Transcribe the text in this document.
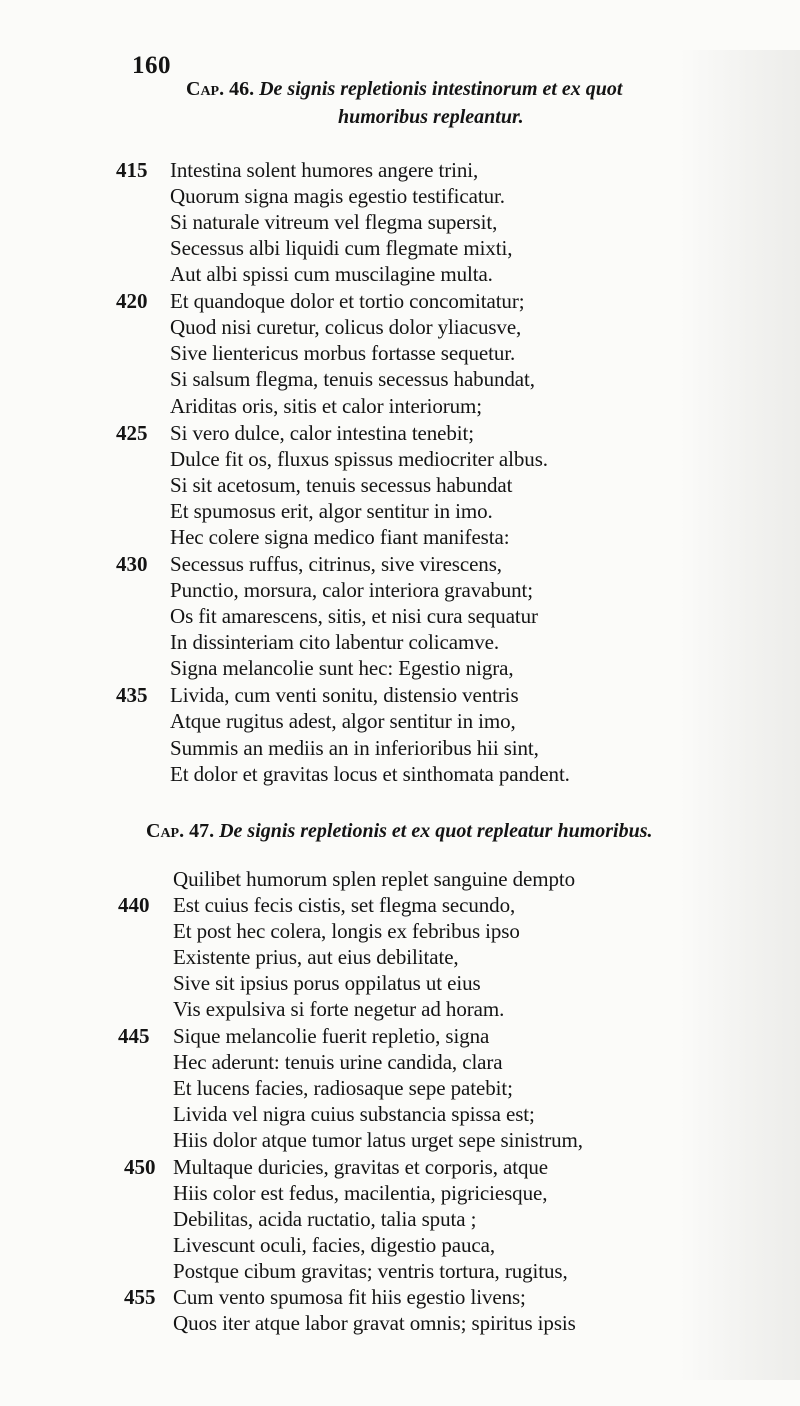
160
Cap. 46. De signis repletionis intestinorum et ex quot
humoribus repleantur.
Intestina solent humores angere trini,
Quorum signa magis egestio testificatur.
Si naturale vitreum vel flegma supersit,
Secessus albi liquidi cum flegmate mixti,
Aut albi spissi cum muscilagine multa.
Et quandoque dolor et tortio concomitatur;
Quod nisi curetur, colicus dolor yliacusve,
Sive lientericus morbus fortasse sequetur.
Si salsum flegma, tenuis secessus habundat,
Ariditas oris, sitis et calor interiorum;
Si vero dulce, calor intestina tenebit;
Dulce fit os, fluxus spissus mediocriter albus.
Si sit acetosum, tenuis secessus habundat
Et spumosus erit, algor sentitur in imo.
Hec colere signa medico fiant manifesta:
Secessus ruffus, citrinus, sive virescens,
Punctio, morsura, calor interiora gravabunt;
Os fit amarescens, sitis, et nisi cura sequatur
In dissinteriam cito labentur colicamve.
Signa melancolie sunt hec: Egestio nigra,
Livida, cum venti sonitu, distensio ventris
Atque rugitus adest, algor sentitur in imo,
Summis an mediis an in inferioribus hii sint,
Et dolor et gravitas locus et sinthomata pandent.
Cap. 47. De signis repletionis et ex quot repleatur humoribus.
Quilibet humorum splen replet sanguine dempto
Est cuius fecis cistis, set flegma secundo,
Et post hec colera, longis ex febribus ipso
Existente prius, aut eius debilitate,
Sive sit ipsius porus oppilatus ut eius
Vis expulsiva si forte negetur ad horam.
Sique melancolie fuerit repletio, signa
Hec aderunt: tenuis urine candida, clara
Et lucens facies, radiosaque sepe patebit;
Livida vel nigra cuius substancia spissa est;
Hiis dolor atque tumor latus urget sepe sinistrum,
Multaque duricies, gravitas et corporis, atque
Hiis color est fedus, macilentia, pigriciesque,
Debilitas, acida ructatio, talia sputa ;
Livescunt oculi, facies, digestio pauca,
Postque cibum gravitas; ventris tortura, rugitus,
Cum vento spumosa fit hiis egestio livens;
Quos iter atque labor gravat omnis; spiritus ipsis
415
420
425
430
435
440
445
450
455
